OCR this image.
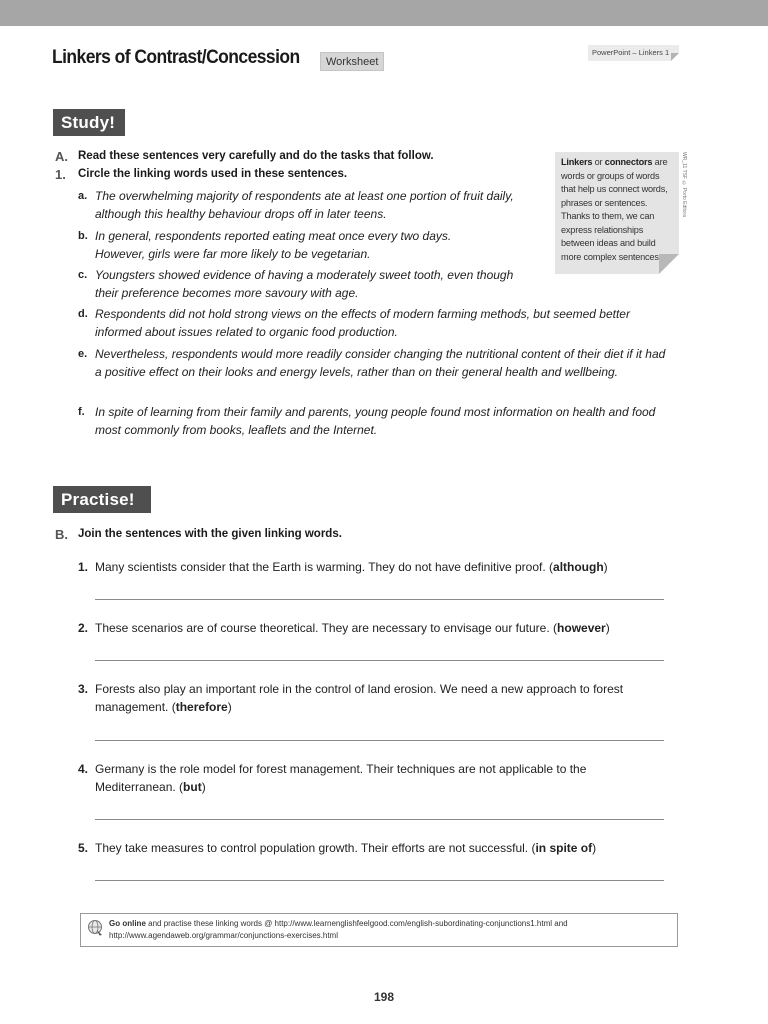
Linkers of Contrast/Concession	Worksheet
PowerPoint – Linkers 1
Study!
A. Read these sentences very carefully and do the tasks that follow.
1. Circle the linking words used in these sentences.
a. The overwhelming majority of respondents ate at least one portion of fruit daily, although this healthy behaviour drops off in later teens.
b. In general, respondents reported eating meat once every two days. However, girls were far more likely to be vegetarian.
c. Youngsters showed evidence of having a moderately sweet tooth, even though their preference becomes more savoury with age.
d. Respondents did not hold strong views on the effects of modern farming methods, but seemed better informed about issues related to organic food production.
e. Nevertheless, respondents would more readily consider changing the nutritional content of their diet if it had a positive effect on their looks and energy levels, rather than on their general health and wellbeing.
f. In spite of learning from their family and parents, young people found most information on health and food most commonly from books, leaflets and the Internet.
Linkers or connectors are words or groups of words that help us connect words, phrases or sentences. Thanks to them, we can express relationships between ideas and build more complex sentences.
WR_11 TSF © Porto Editora
Practise!
B. Join the sentences with the given linking words.
1. Many scientists consider that the Earth is warming. They do not have definitive proof. (although)
2. These scenarios are of course theoretical. They are necessary to envisage our future. (however)
3. Forests also play an important role in the control of land erosion. We need a new approach to forest management. (therefore)
4. Germany is the role model for forest management. Their techniques are not applicable to the Mediterranean. (but)
5. They take measures to control population growth. Their efforts are not successful. (in spite of)
Go online and practise these linking words @ http://www.learnenglishfeelgood.com/english-subordinating-conjunctions1.html and http://www.agendaweb.org/grammar/conjunctions-exercises.html
198
